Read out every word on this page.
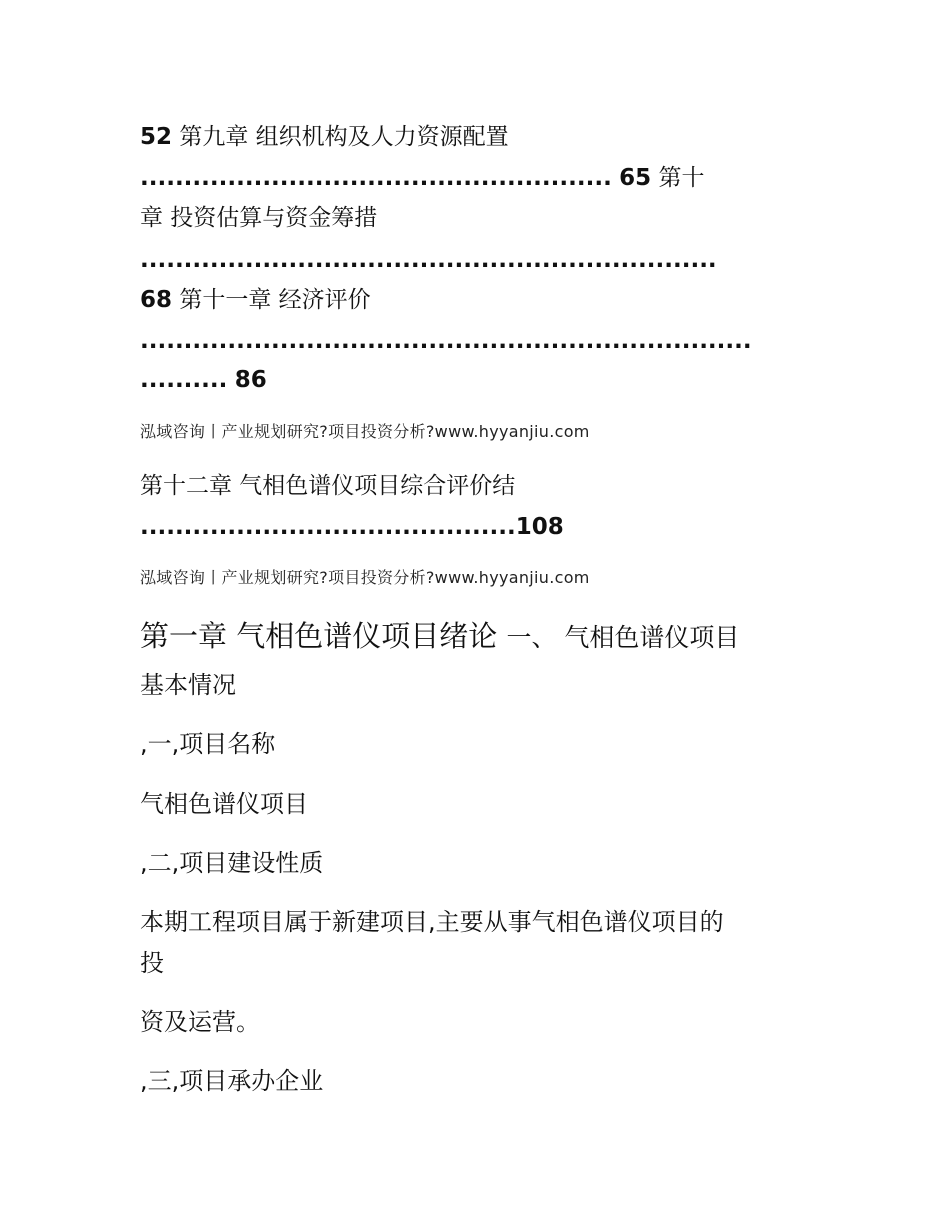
52 第九章 组织机构及人力资源配置
...................................................... 65 第十
章 投资估算与资金筹措
..................................................................
68 第十一章 经济评价
......................................................................
.......... 86
泓域咨询丨产业规划研究?项目投资分析?www.hyyanjiu.com
第十二章 气相色谱仪项目综合评价结
...........................................108
泓域咨询丨产业规划研究?项目投资分析?www.hyyanjiu.com
第一章 气相色谱仪项目绪论 一、 气相色谱仪项目
基本情况
,一,项目名称
气相色谱仪项目
,二,项目建设性质
本期工程项目属于新建项目,主要从事气相色谱仪项目的
投
资及运营。
,三,项目承办企业
